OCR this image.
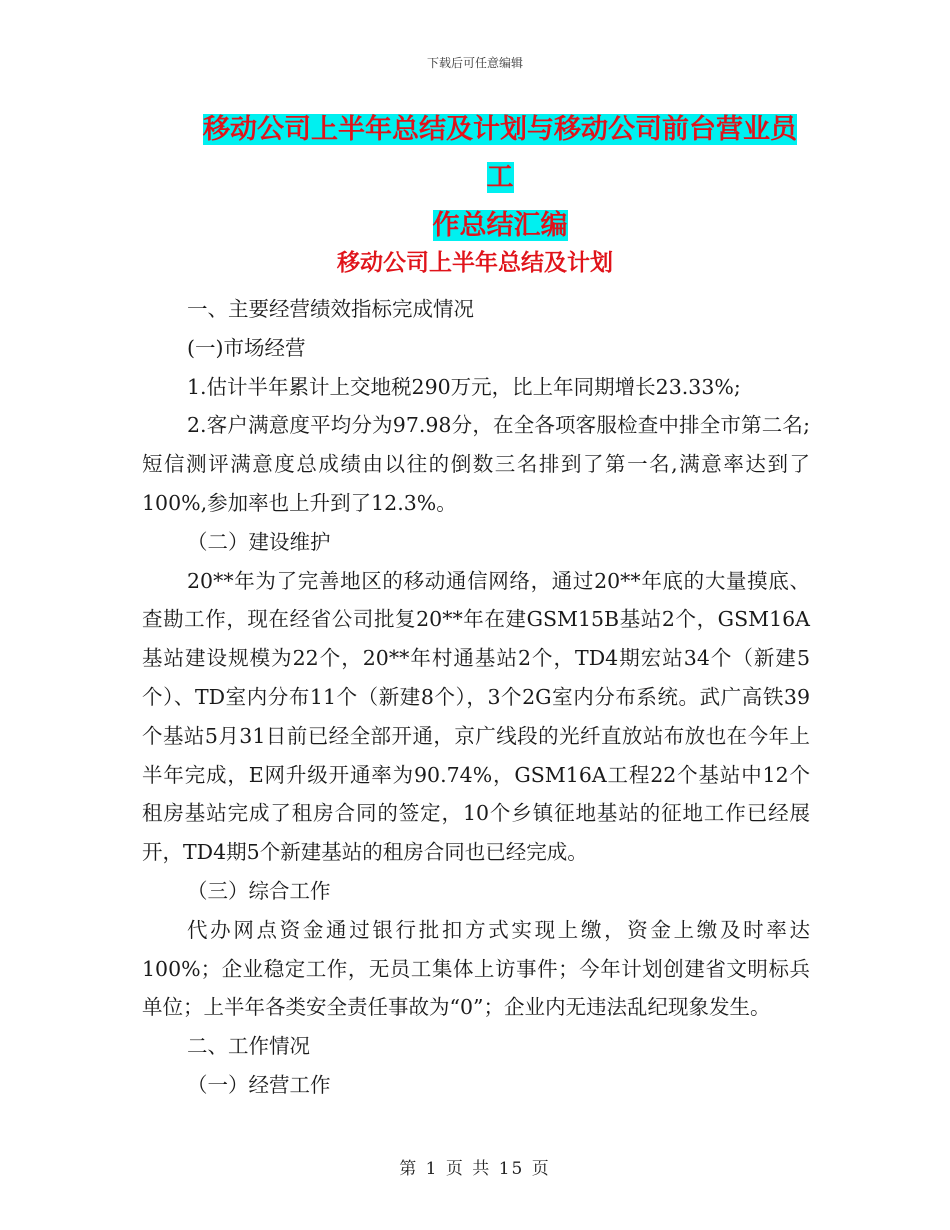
下载后可任意编辑
移动公司上半年总结及计划与移动公司前台营业员工
作总结汇编
移动公司上半年总结及计划

一、主要经营绩效指标完成情况

(一)市场经营

1.估计半年累计上交地税290万元，比上年同期增长23.33%;

2.客户满意度平均分为97.98分，在全各项客服检查中排全市第二名;短信测评满意度总成绩由以往的倒数三名排到了第一名,满意率达到了100%,参加率也上升到了12.3%。

（二）建设维护

20**年为了完善地区的移动通信网络，通过20**年底的大量摸底、查勘工作，现在经省公司批复20**年在建GSM15B基站2个，GSM16A基站建设规模为22个，20**年村通基站2个，TD4期宏站34个（新建5个）、TD室内分布11个（新建8个），3个2G室内分布系统。武广高铁39个基站5月31日前已经全部开通，京广线段的光纤直放站布放也在今年上半年完成，E网升级开通率为90.74%，GSM16A工程22个基站中12个租房基站完成了租房合同的签定，10个乡镇征地基站的征地工作已经展开，TD4期5个新建基站的租房合同也已经完成。

（三）综合工作

代办网点资金通过银行批扣方式实现上缴，资金上缴及时率达100%；企业稳定工作，无员工集体上访事件；今年计划创建省文明标兵单位；上半年各类安全责任事故为“0”；企业内无违法乱纪现象发生。

二、工作情况

（一）经营工作

第 1 页 共 15 页
